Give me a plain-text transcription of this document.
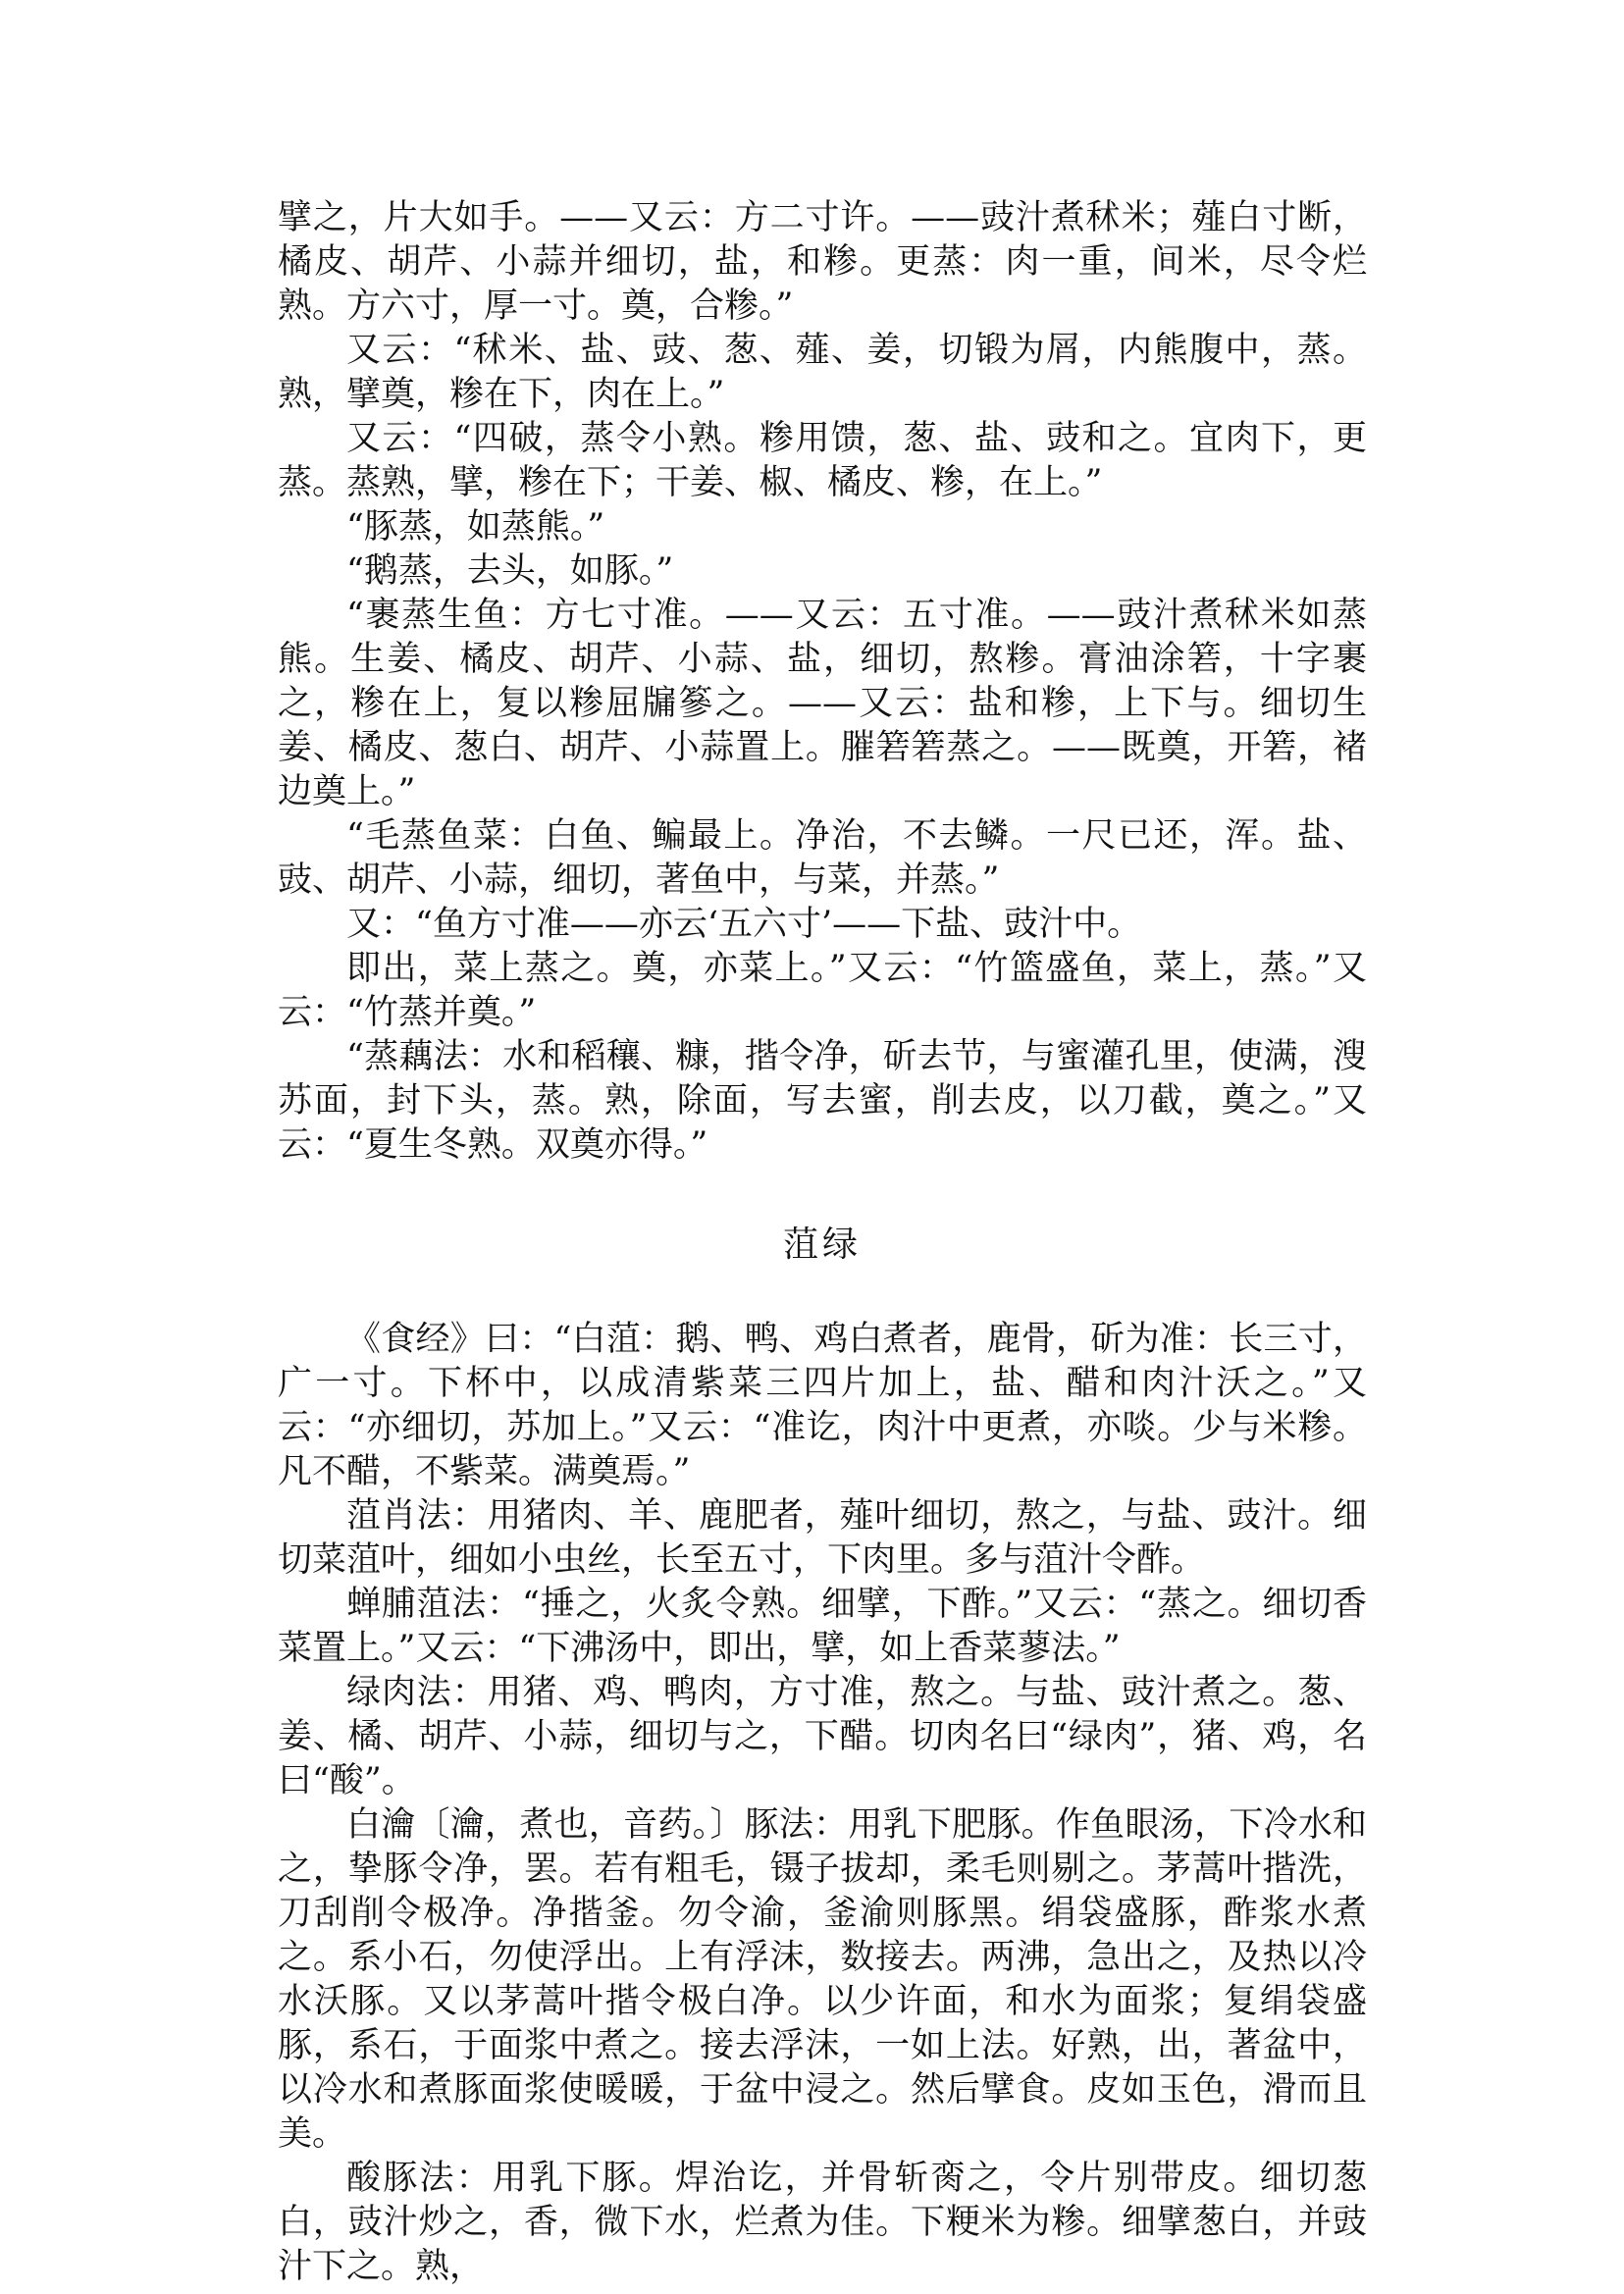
擘之，片大如手。——又云：方二寸许。——豉汁煮秫米；薤白寸断，橘皮、胡芹、小蒜并细切，盐，和糁。更蒸：肉一重，间米，尽令烂熟。方六寸，厚一寸。奠，合糁。”

又云：“秫米、盐、豉、葱、薤、姜，切锻为屑，内熊腹中，蒸。熟，擘奠，糁在下，肉在上。”

又云：“四破，蒸令小熟。糁用馈，葱、盐、豉和之。宜肉下，更蒸。蒸熟，擘，糁在下；干姜、椒、橘皮、糁，在上。”

“豚蒸，如蒸熊。”

“鹅蒸，去头，如豚。”

“裹蒸生鱼：方七寸准。——又云：五寸准。——豉汁煮秫米如蒸熊。生姜、橘皮、胡芹、小蒜、盐，细切，熬糁。膏油涂箬，十字裹之，糁在上，复以糁屈牖篸之。——又云：盐和糁，上下与。细切生姜、橘皮、葱白、胡芹、小蒜置上。膗箬箬蒸之。——既奠，开箬，褚边奠上。”

“毛蒸鱼菜：白鱼、鳊最上。净治，不去鳞。一尺已还，浑。盐、豉、胡芹、小蒜，细切，著鱼中，与菜，并蒸。”

又：“鱼方寸准——亦云‘五六寸’——下盐、豉汁中。

即出，菜上蒸之。奠，亦菜上。”又云：“竹篮盛鱼，菜上，蒸。”又云：“竹蒸并奠。”

“蒸藕法：水和稻穰、糠，揩令净，斫去节，与蜜灌孔里，使满，溲苏面，封下头，蒸。熟，除面，写去蜜，削去皮，以刀截，奠之。”又云：“夏生冬熟。双奠亦得。”

菹绿

《食经》曰：“白菹：鹅、鸭、鸡白煮者，鹿骨，斫为准：长三寸，广一寸。下杯中，以成清紫菜三四片加上，盐、醋和肉汁沃之。”又云：“亦细切，苏加上。”又云：“准讫，肉汁中更煮，亦啖。少与米糁。凡不醋，不紫菜。满奠焉。”

菹肖法：用猪肉、羊、鹿肥者，薤叶细切，熬之，与盐、豉汁。细切菜菹叶，细如小虫丝，长至五寸，下肉里。多与菹汁令酢。

蝉脯菹法：“捶之，火炙令熟。细擘，下酢。”又云：“蒸之。细切香菜置上。”又云：“下沸汤中，即出，擘，如上香菜蓼法。”

绿肉法：用猪、鸡、鸭肉，方寸准，熬之。与盐、豉汁煮之。葱、姜、橘、胡芹、小蒜，细切与之，下醋。切肉名曰“绿肉”，猪、鸡，名曰“酸”。

白瀹〔瀹，煮也，音药。〕豚法：用乳下肥豚。作鱼眼汤，下冷水和之，挚豚令净，罢。若有粗毛，镊子拔却，柔毛则剔之。茅蒿叶揩洗，刀刮削令极净。净揩釜。勿令渝，釜渝则豚黑。绢袋盛豚，酢浆水煮之。系小石，勿使浮出。上有浮沫，数接去。两沸，急出之，及热以冷水沃豚。又以茅蒿叶揩令极白净。以少许面，和水为面浆；复绢袋盛豚，系石，于面浆中煮之。接去浮沫，一如上法。好熟，出，著盆中，以冷水和煮豚面浆使暖暖，于盆中浸之。然后擘食。皮如玉色，滑而且美。

酸豚法：用乳下豚。焊治讫，并骨斩脔之，令片别带皮。细切葱白，豉汁炒之，香，微下水，烂煮为佳。下粳米为糁。细擘葱白，并豉汁下之。熟，
